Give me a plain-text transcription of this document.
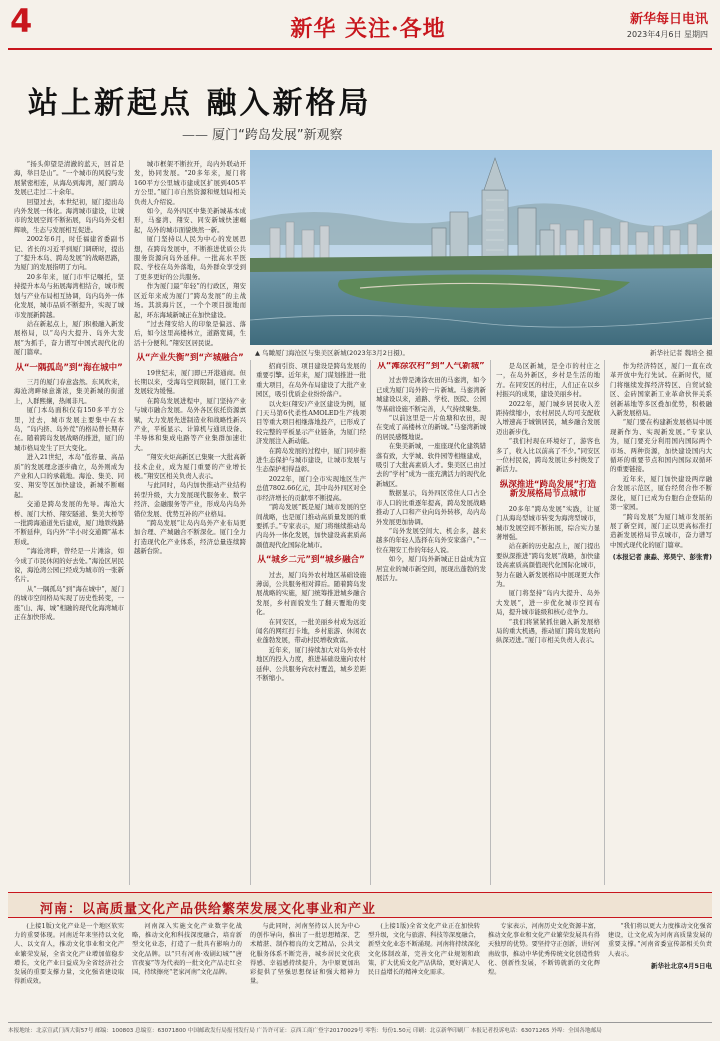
4	新华 关注·各地	新华每日电讯
2023年4月6日 星期四
站上新起点 融入新格局
—— 厦门“跨岛发展”新观察
▲ 鸟瞰厦门海沧区与集美区新城(2023年3月2日摄)。	新华社记者 魏培全 摄

“扬头仰望是清澈的蓝天，回首是海，举目是山”。“一个城市的风貌与发展紧密相连，从海岛到海湾，厦门跨岛发展已走过二十余年。

回望过去，本世纪初，厦门提出岛内外发展一体化。海湾城市建设，让城市的发展空间不断拓展，岛内岛外交相辉映，生态与发展相互促进。

2002年6月，时任福建省委副书记、省长的习近平到厦门调研时，提出了“提升本岛、跨岛发展”的战略思路，为厦门的发展指明了方向。

20多年来，厦门市牢记嘱托，坚持提升本岛与拓展海湾相结合，城市规划与产业布局相互协调，岛内岛外一体化发展，城市品质不断提升，实现了城市发展新跨越。

站在新起点上，厦门积极融入新发展格局，以“岛内大提升、岛外大发展”为抓手，奋力谱写中国式现代化的厦门篇章。

从“一隅孤岛”到“海在城中”

三月的厦门春意盎然。东风吹来，海沧湾畔绿意渐浓，集美新城的街道上，人群熙攘，热闹非凡。

厦门本岛面积仅有150多平方公里，过去，城市发展主要集中在本岛，“岛内挤、岛外荒”的格局曾长期存在。随着跨岛发展战略的推进，厦门的城市格局发生了巨大变化。

进入21世纪，本岛“低容量、高品质”的发展理念逐步确立，岛外则成为产业和人口的承载地。海沧、集美、同安、翔安等区加快建设，新城不断崛起。

交通是跨岛发展的先导。海沧大桥、厦门大桥、翔安隧道、集美大桥等一批跨海通道先后建成，厦门地铁线路不断延伸，岛内外“半小时交通圈”基本形成。

“海沧湾畔，曾经是一片滩涂，如今成了市民休闲的好去处。”海沧区居民说，海沧湾公园已经成为城市的一张新名片。

从“一隅孤岛”到“海在城中”，厦门的城市空间格局实现了历史性转变，一座“山、海、城”相融的现代化海湾城市正在加快形成。

城市框架不断拉开，岛内外联动开发，协同发展。“20多年来，厦门将160平方公里城市建成区扩展到405平方公里。”厦门市自然资源和规划局相关负责人介绍说。

如今，岛外四区中集美新城基本成形，马銮湾、翔安、同安新城快速崛起，岛外的城市面貌焕然一新。

厦门坚持以人民为中心的发展思想，在跨岛发展中，不断推进优质公共服务资源向岛外延伸。一批高水平医院、学校在岛外落地，岛外群众享受到了更多更好的公共服务。

作为厦门最“年轻”的行政区，翔安区近年来成为厦门“跨岛发展”的主战场。其滨海片区，一个个项目拔地而起，环东海域新城正在加快建设。

“过去翔安给人的印象是偏远、落后，如今这里高楼林立，道路宽阔，生活十分便利。”翔安区居民说。

从“产业失衡”到“产城融合”

19世纪末，厦门即已开港通商。但长期以来，受海岛空间限制，厦门工业发展较为缓慢。

在跨岛发展进程中，厦门坚持产业与城市融合发展。岛外各区依托资源禀赋，大力发展先进制造业和战略性新兴产业，平板显示、计算机与通讯设备、半导体和集成电路等产业集群加速壮大。

“翔安火炬高新区已集聚一大批高新技术企业，成为厦门重要的产业增长极。”翔安区相关负责人表示。

与此同时，岛内加快推动产业结构转型升级，大力发展现代服务业、数字经济、金融服务等产业，形成岛内岛外错位发展、优势互补的产业格局。

“跨岛发展”让岛内岛外产业布局更加合理、产城融合不断深化。厦门全力打造现代化产业体系，经济总量连续跨越新台阶。

招商引资、项目建设是跨岛发展的重要引擎。近年来，厦门谋划推进一批重大项目，在岛外布局建设了大批产业园区，吸引优质企业纷纷落户。

以火炬(翔安)产业区建设为例，厦门天马第6代柔性AMOLED生产线项目等重大项目相继落地投产，已形成了较完整的平板显示产业链条，为厦门经济发展注入新动能。

在跨岛发展的过程中，厦门同步推进生态保护与城市建设，让城市发展与生态保护相得益彰。

2022年，厦门全市实现地区生产总值7802.66亿元，其中岛外四区对全市经济增长的贡献率不断提高。

“跨岛发展”既是厦门城市发展的空间战略，也是厦门推动高质量发展的重要抓手。”专家表示，厦门将继续推动岛内岛外一体化发展，加快建设高素质高颜值现代化国际化城市。

从“城乡二元”到“城乡融合”

过去，厦门岛外农村地区基础设施薄弱，公共服务相对滞后。随着跨岛发展战略的实施，厦门统筹推进城乡融合发展，乡村面貌发生了翻天覆地的变化。

在同安区，一批美丽乡村成为远近闻名的网红打卡地，乡村旅游、休闲农业蓬勃发展，带动村民增收致富。

近年来，厦门持续加大对岛外农村地区的投入力度，推进基础设施向农村延伸、公共服务向农村覆盖，城乡差距不断缩小。

从“滩涂农村”到“人气新城”

过去曾是滩涂农田的马銮湾，如今已成为厦门岛外的一片新城。马銮湾新城建设以来，道路、学校、医院、公园等基础设施不断完善，人气持续聚集。

“以前这里是一片鱼塘和农田，现在变成了高楼林立的新城。”马銮湾新城的居民感慨地说。

在集美新城，一座座现代化建筑错落有致，大学城、软件园等相继建成，吸引了大批高素质人才。集美区已由过去的“学村”成为一座充满活力的现代化新城区。

数据显示，岛外四区常住人口占全市人口的比重逐年提高，跨岛发展战略推动了人口和产业向岛外转移，岛内岛外发展更加协调。

“岛外发展空间大、机会多，越来越多的年轻人选择在岛外安家落户。”一位在翔安工作的年轻人说。

如今，厦门岛外新城正日益成为宜居宜业的城市新空间，展现出蓬勃的发展活力。

是岛区新城，是全市的村庄之一，在岛外新区，乡村是生活的地方。在同安区的村庄，人们正在以乡村振兴的成果，建设美丽乡村。

2022年，厦门城乡居民收入差距持续缩小，农村居民人均可支配收入增速高于城镇居民，城乡融合发展迈出新步伐。

“我们村现在环境好了，游客也多了，收入比以前高了不少。”同安区一位村民说，跨岛发展让乡村焕发了新活力。

纵深推进“跨岛发展”打造新发展格局节点城市

20多年“跨岛发展”实践，让厦门从海岛型城市转变为海湾型城市，城市发展空间不断拓展，综合实力显著增强。

站在新的历史起点上，厦门提出要纵深推进“跨岛发展”战略，加快建设高素质高颜值现代化国际化城市，努力在融入新发展格局中展现更大作为。

厦门将坚持“岛内大提升、岛外大发展”，进一步优化城市空间布局，提升城市能级和核心竞争力。

“我们将紧紧抓住融入新发展格局的重大机遇，推动厦门跨岛发展向纵深迈进。”厦门市相关负责人表示。

作为经济特区，厦门一直在改革开放中先行先试。在新时代，厦门将继续发挥经济特区、自贸试验区、金砖国家新工业革命伙伴关系创新基地等多区叠加优势，积极融入新发展格局。

“厦门要在构建新发展格局中展现新作为、实现新发展。”专家认为，厦门要充分利用国内国际两个市场、两种资源，加快建设国内大循环的重要节点和国内国际双循环的重要链接。

近年来，厦门加快建设两岸融合发展示范区，厦台经贸合作不断深化，厦门已成为台胞台企登陆的第一家园。

“跨岛发展”为厦门城市发展拓展了新空间，厦门正以更高标准打造新发展格局节点城市，奋力谱写中国式现代化的厦门篇章。

(本报记者 康淼、郑昊宁、彭张青)
河南：以高质量文化产品供给繁荣发展文化事业和产业

(上接1版)文化产业是一个地区软实力的重要体现。河南近年来坚持以文化人、以文育人，推动文化事业和文化产业繁荣发展，全省文化产业增加值稳步增长，文化产业日益成为全省经济社会发展的重要支撑力量，文化强省建设取得新成效。

河南深入实施文化产业数字化战略，推动文化和科技深度融合，培育新型文化业态，打造了一批具有影响力的文化品牌。以“只有河南·戏剧幻城”“唐宫夜宴”等为代表的一批文化产品走红全国，持续擦亮“老家河南”文化品牌。

与此同时，河南坚持以人民为中心的创作导向，推出了一批思想精深、艺术精湛、制作精良的文艺精品，公共文化服务体系不断完善，城乡居民文化获得感、幸福感持续提升，为中原更加出彩提供了坚强思想保证和强大精神力量。

(上接1版)全省文化产业正在加快转型升级，文化与旅游、科技等深度融合，新型文化业态不断涌现。河南将持续深化文化体制改革，完善文化产业规划和政策，扩大优质文化产品供给，更好满足人民日益增长的精神文化需求。

专家表示，河南历史文化资源丰富，推动文化事业和文化产业繁荣发展具有得天独厚的优势。要坚持守正创新，讲好河南故事，推动中华优秀传统文化创造性转化、创新性发展，不断铸就新的文化辉煌。

“我们将以更大力度推动文化强省建设，让文化成为河南高质量发展的重要支撑。”河南省委宣传部相关负责人表示。

新华社北京4月5日电
本报地址：北京宣武门西大街57号 邮编：100803 总编室：63071800 中国邮政发行局报刊发行局 广告许可证：京西工商广登字20170029号 零售：每份1.50元 印刷：北京新华印刷厂 本报记者投诉电话：63071265 外埠：全国各地邮局
